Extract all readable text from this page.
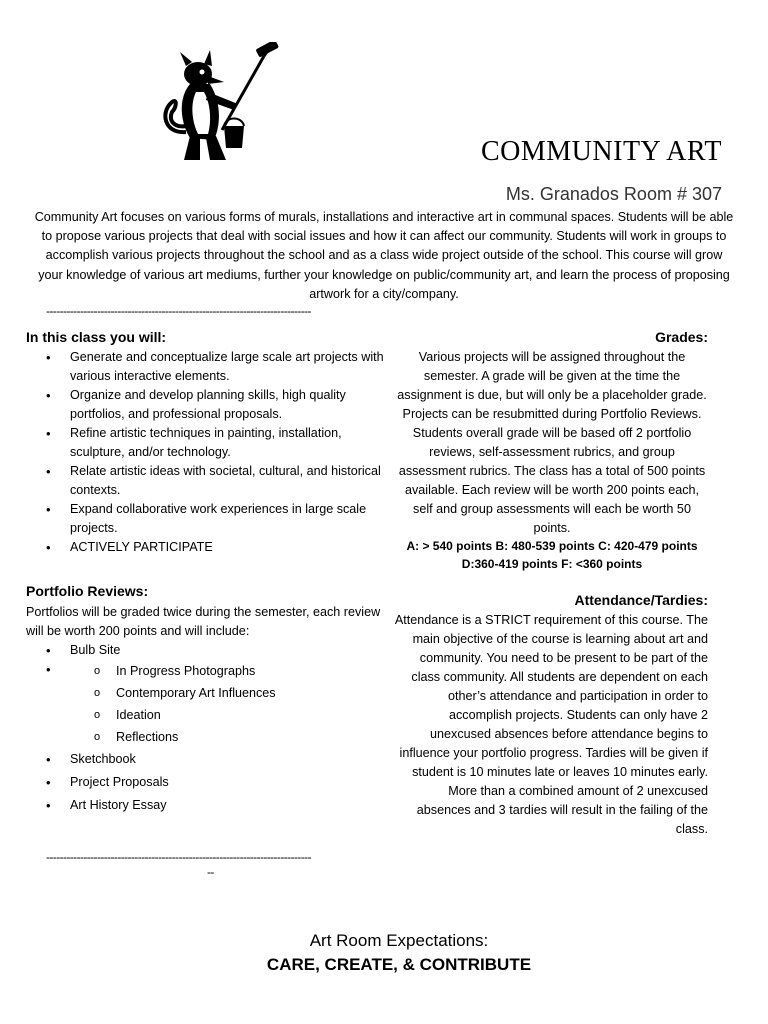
COMMUNITY ART
Ms. Granados Room # 307
Community Art focuses on various forms of murals, installations and interactive art in communal spaces. Students will be able to propose various projects that deal with social issues and how it can affect our community. Students will work in groups to accomplish various projects throughout the school and as a class wide project outside of the school. This course will grow your knowledge of various art mediums, further your knowledge on public/community art, and learn the process of proposing artwork for a city/company.
------------------------------------------------------------------------------
In this class you will:
• Generate and conceptualize large scale art projects with various interactive elements.
• Organize and develop planning skills, high quality portfolios, and professional proposals.
• Refine artistic techniques in painting, installation, sculpture, and/or technology.
• Relate artistic ideas with societal, cultural, and historical contexts.
• Expand collaborative work experiences in large scale projects.
• ACTIVELY PARTICIPATE
Portfolio Reviews:
Portfolios will be graded twice during the semester, each review will be worth 200 points and will include:
• Bulb Site
o • In Progress Photographs
o Contemporary Art Influences
o Ideation
o Reflections
• Sketchbook
• Project Proposals
• Art History Essay
------------------------------------------------------------------------------
--
Grades:
Various projects will be assigned throughout the semester. A grade will be given at the time the assignment is due, but will only be a placeholder grade. Projects can be resubmitted during Portfolio Reviews. Students overall grade will be based off 2 portfolio reviews, self-assessment rubrics, and group assessment rubrics. The class has a total of 500 points available. Each review will be worth 200 points each, self and group assessments will each be worth 50 points.
A: > 540 points B: 480-539 points C: 420-479 points
D:360-419 points F: <360 points
Attendance/Tardies:
Attendance is a STRICT requirement of this course. The main objective of the course is learning about art and community. You need to be present to be part of the class community. All students are dependent on each other’s attendance and participation in order to accomplish projects. Students can only have 2 unexcused absences before attendance begins to influence your portfolio progress. Tardies will be given if student is 10 minutes late or leaves 10 minutes early. More than a combined amount of 2 unexcused absences and 3 tardies will result in the failing of the class.
Art Room Expectations:
CARE, CREATE, & CONTRIBUTE
